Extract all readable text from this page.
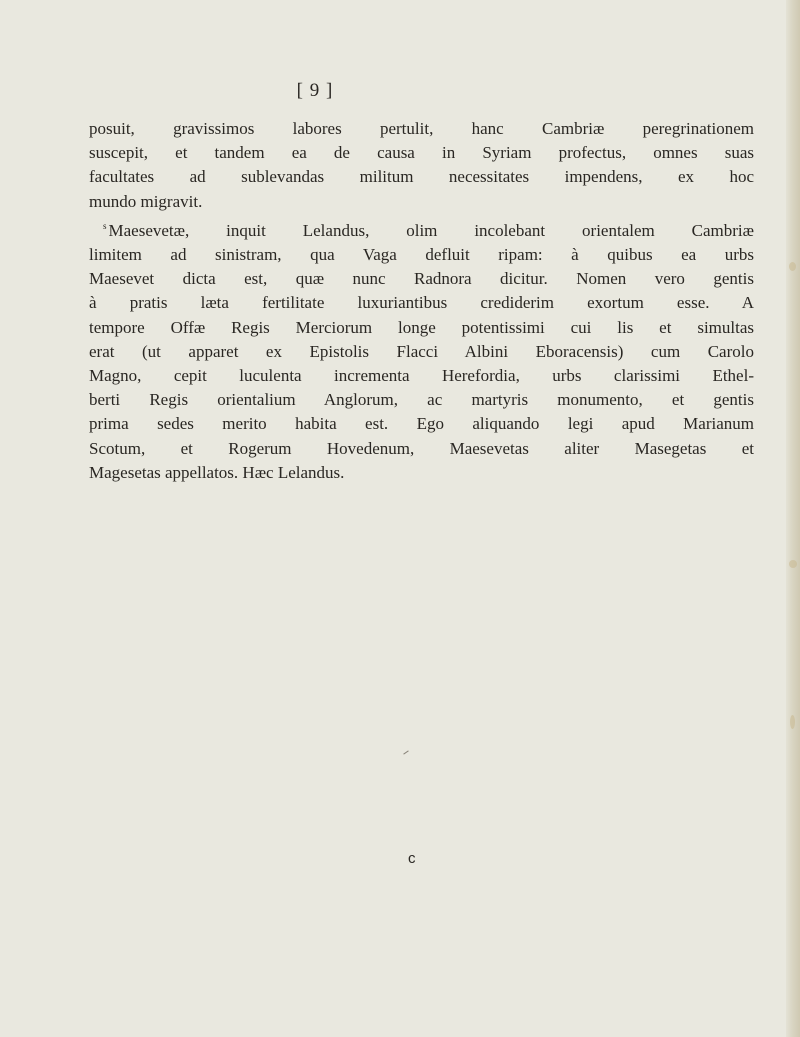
[ 9 ]

posuit, gravissimos labores pertulit, hanc Cambriæ peregrinationem
suscepit, et tandem ea de causa in Syriam profectus, omnes suas
facultates ad sublevandas militum necessitates impendens, ex hoc
mundo migravit.

$^s$ Maesevetæ, inquit Lelandus, olim incolebant orientalem Cambriæ
limitem ad sinistram, qua Vaga defluit ripam: à quibus ea urbs
Maesevet dicta est, quæ nunc Radnora dicitur. Nomen vero gentis
à pratis læta fertilitate luxuriantibus crediderim exortum esse. A
tempore Offæ Regis Merciorum longe potentissimi cui lis et simultas
erat (ut apparet ex Epistolis Flacci Albini Eboracensis) cum Carolo
Magno, cepit luculenta incrementa Herefordia, urbs clarissimi Ethel-
berti Regis orientalium Anglorum, ac martyris monumento, et gentis
prima sedes merito habita est. Ego aliquando legi apud Marianum
Scotum, et Rogerum Hovedenum, Maesevetas aliter Masegetas et
Magesetas appellatos. Hæc Lelandus.

c
